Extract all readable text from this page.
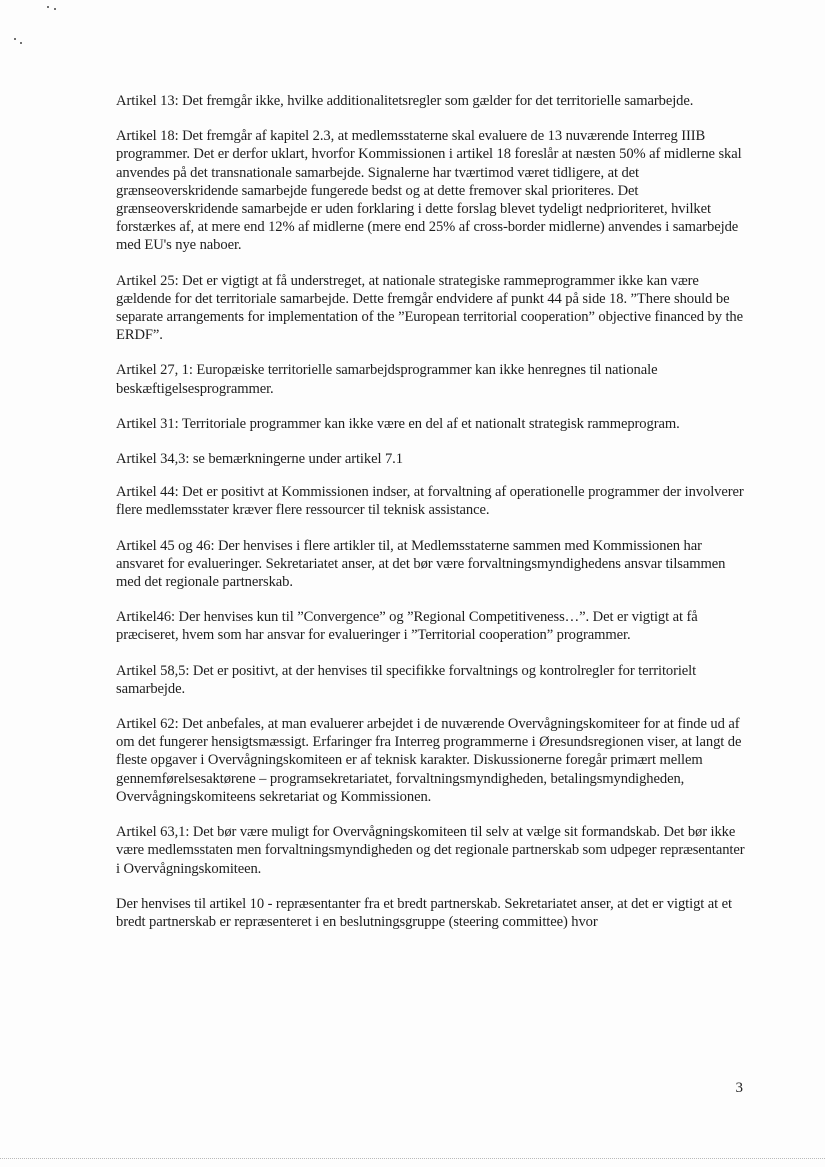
Artikel 13: Det fremgår ikke, hvilke additionalitetsregler som gælder for det territorielle samarbejde.

Artikel 18: Det fremgår af kapitel 2.3, at medlemsstaterne skal evaluere de 13 nuværende Interreg IIIB programmer. Det er derfor uklart, hvorfor Kommissionen i artikel 18 foreslår at næsten 50% af midlerne skal anvendes på det transnationale samarbejde. Signalerne har tværtimod været tidligere, at det grænseoverskridende samarbejde fungerede bedst og at dette fremover skal prioriteres. Det grænseoverskridende samarbejde er uden forklaring i dette forslag blevet tydeligt nedprioriteret, hvilket forstærkes af, at mere end 12% af midlerne (mere end 25% af cross-border midlerne) anvendes i samarbejde med EU's nye naboer.

Artikel 25: Det er vigtigt at få understreget, at nationale strategiske rammeprogrammer ikke kan være gældende for det territoriale samarbejde. Dette fremgår endvidere af punkt 44 på side 18. ”There should be separate arrangements for implementation of the ”European territorial cooperation” objective financed by the ERDF”.

Artikel 27, 1: Europæiske territorielle samarbejdsprogrammer kan ikke henregnes til nationale beskæftigelsesprogrammer.

Artikel 31: Territoriale programmer kan ikke være en del af et nationalt strategisk rammeprogram.

Artikel 34,3: se bemærkningerne under artikel 7.1

Artikel 44: Det er positivt at Kommissionen indser, at forvaltning af operationelle programmer der involverer flere medlemsstater kræver flere ressourcer til teknisk assistance.

Artikel 45 og 46: Der henvises i flere artikler til, at Medlemsstaterne sammen med Kommissionen har ansvaret for evalueringer. Sekretariatet anser, at det bør være forvaltningsmyndighedens ansvar tilsammen med det regionale partnerskab.

Artikel46: Der henvises kun til ”Convergence” og ”Regional Competitiveness…”. Det er vigtigt at få præciseret, hvem som har ansvar for evalueringer i ”Territorial cooperation” programmer.

Artikel 58,5: Det er positivt, at der henvises til specifikke forvaltnings og kontrolregler for territorielt samarbejde.

Artikel 62: Det anbefales, at man evaluerer arbejdet i de nuværende Overvågningskomiteer for at finde ud af om det fungerer hensigtsmæssigt. Erfaringer fra Interreg programmerne i Øresundsregionen viser, at langt de fleste opgaver i Overvågningskomiteen er af teknisk karakter. Diskussionerne foregår primært mellem gennemførelsesaktørene – programsekretariatet, forvaltningsmyndigheden, betalingsmyndigheden, Overvågningskomiteens sekretariat og Kommissionen.

Artikel 63,1: Det bør være muligt for Overvågningskomiteen til selv at vælge sit formandskab. Det bør ikke være medlemsstaten men forvaltningsmyndigheden og det regionale partnerskab som udpeger repræsentanter i Overvågningskomiteen.

Der henvises til artikel 10 - repræsentanter fra et bredt partnerskab. Sekretariatet anser, at det er vigtigt at et bredt partnerskab er repræsenteret i en beslutningsgruppe (steering committee) hvor

3
